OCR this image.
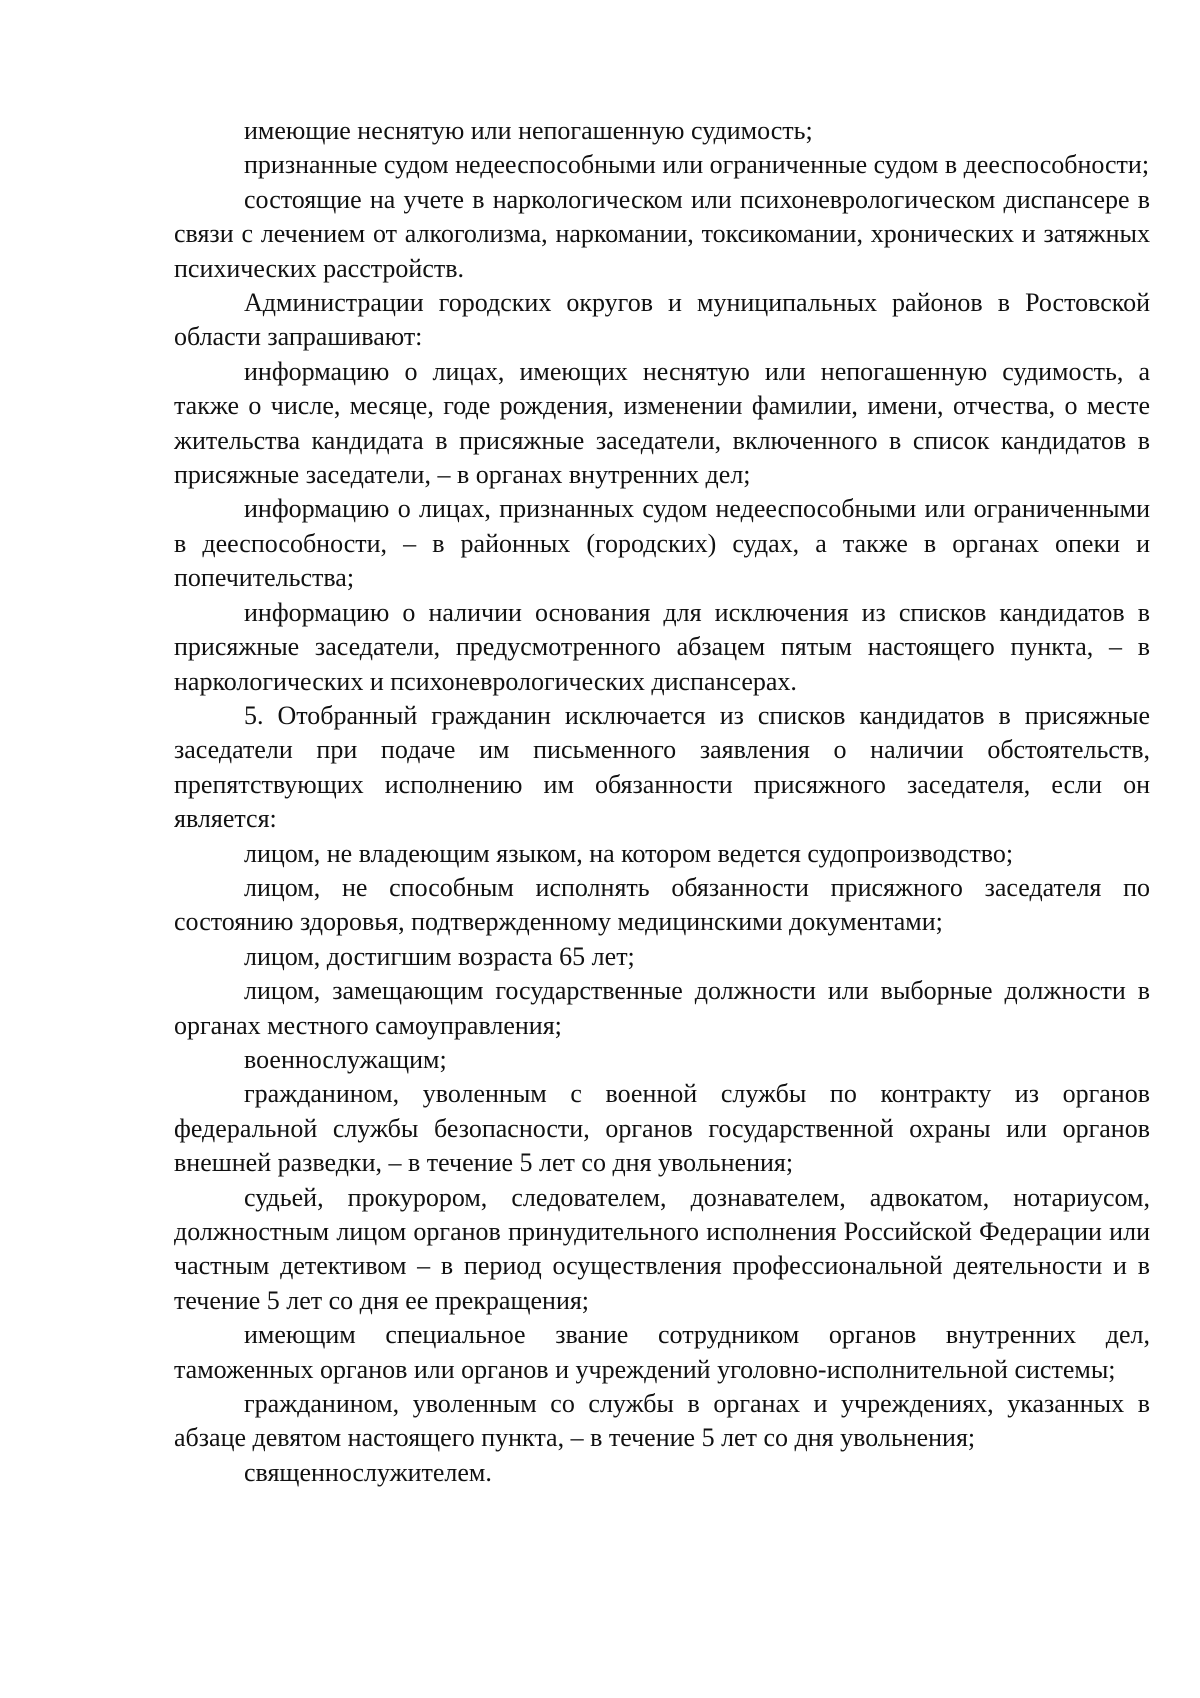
имеющие неснятую или непогашенную судимость;

признанные судом недееспособными или ограниченные судом в дееспособности;

состоящие на учете в наркологическом или психоневрологическом диспансере в связи с лечением от алкоголизма, наркомании, токсикомании, хронических и затяжных психических расстройств.

Администрации городских округов и муниципальных районов в Ростовской области запрашивают:

информацию о лицах, имеющих неснятую или непогашенную судимость, а также о числе, месяце, годе рождения, изменении фамилии, имени, отчества, о месте жительства кандидата в присяжные заседатели, включенного в список кандидатов в присяжные заседатели, – в органах внутренних дел;

информацию о лицах, признанных судом недееспособными или ограниченными в дееспособности, – в районных (городских) судах, а также в органах опеки и попечительства;

информацию о наличии основания для исключения из списков кандидатов в присяжные заседатели, предусмотренного абзацем пятым настоящего пункта, – в наркологических и психоневрологических диспансерах.

5. Отобранный гражданин исключается из списков кандидатов в присяжные заседатели при подаче им письменного заявления о наличии обстоятельств, препятствующих исполнению им обязанности присяжного заседателя, если он является:

лицом, не владеющим языком, на котором ведется судопроизводство;

лицом, не способным исполнять обязанности присяжного заседателя по состоянию здоровья, подтвержденному медицинскими документами;

лицом, достигшим возраста 65 лет;

лицом, замещающим государственные должности или выборные должности в органах местного самоуправления;

военнослужащим;

гражданином, уволенным с военной службы по контракту из органов федеральной службы безопасности, органов государственной охраны или органов внешней разведки, – в течение 5 лет со дня увольнения;

судьей, прокурором, следователем, дознавателем, адвокатом, нотариусом, должностным лицом органов принудительного исполнения Российской Федерации или частным детективом – в период осуществления профессиональной деятельности и в течение 5 лет со дня ее прекращения;

имеющим специальное звание сотрудником органов внутренних дел, таможенных органов или органов и учреждений уголовно-исполнительной системы;

гражданином, уволенным со службы в органах и учреждениях, указанных в абзаце девятом настоящего пункта, – в течение 5 лет со дня увольнения;

священнослужителем.
